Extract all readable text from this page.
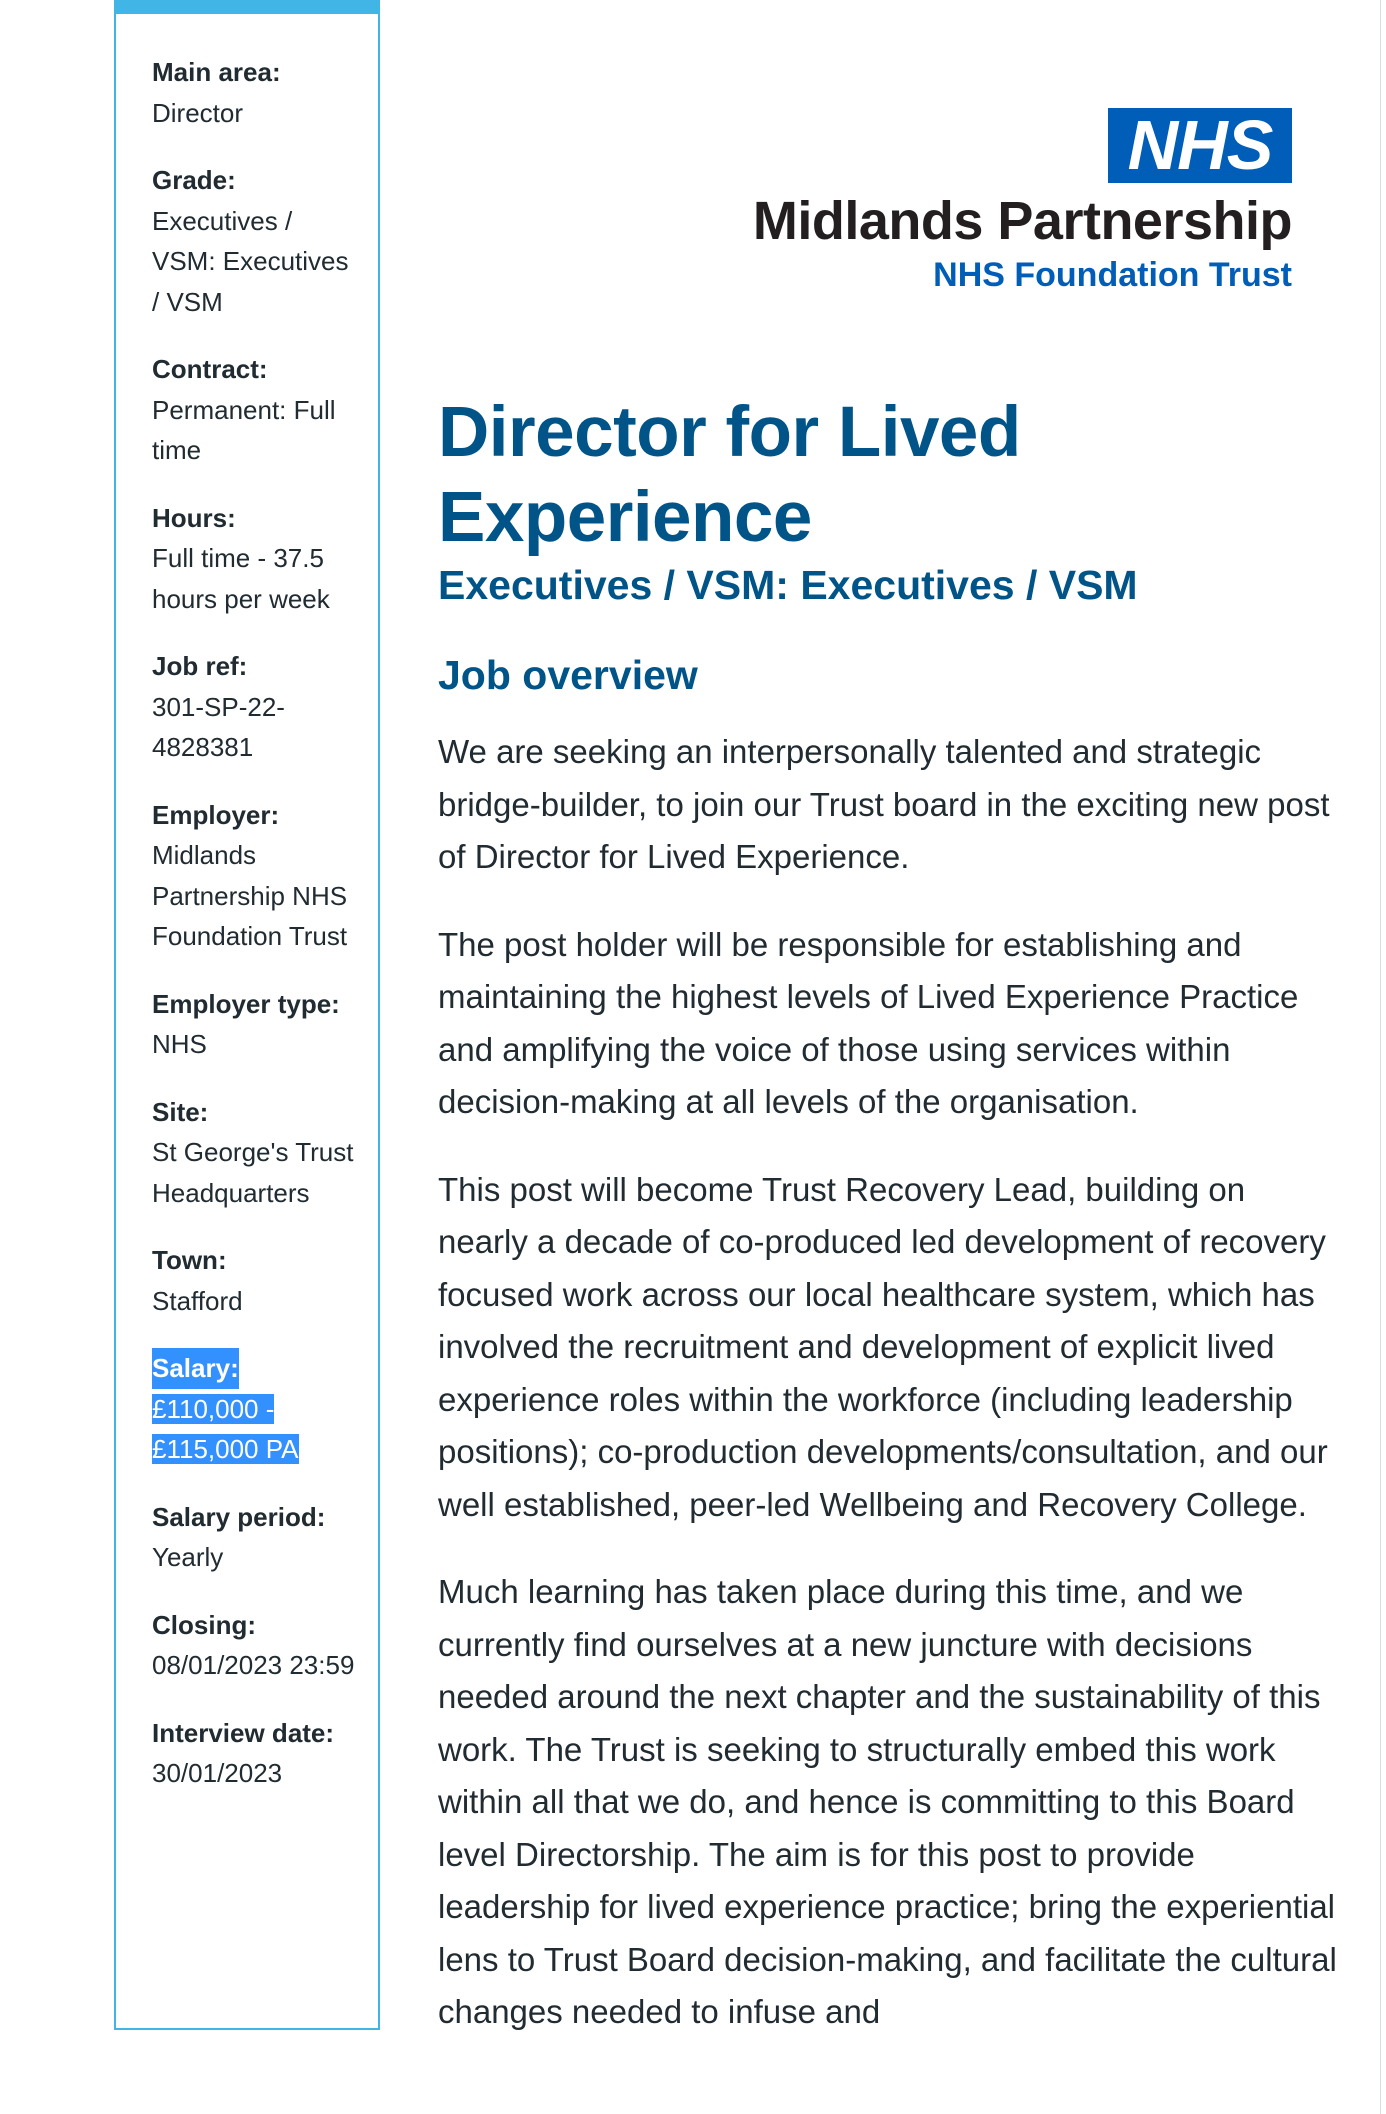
Main area:
Director
Grade:
Executives / VSM: Executives / VSM
Contract:
Permanent: Full time
Hours:
Full time - 37.5 hours per week
Job ref:
301-SP-22-4828381
Employer:
Midlands Partnership NHS Foundation Trust
Employer type:
NHS
Site:
St George's Trust Headquarters
Town:
Stafford
Salary:
£110,000 - £115,000 PA
Salary period:
Yearly
Closing:
08/01/2023 23:59
Interview date:
30/01/2023
NHS
Midlands Partnership
NHS Foundation Trust
Director for Lived Experience
Executives / VSM: Executives / VSM
Job overview

We are seeking an interpersonally talented and strategic bridge-builder, to join our Trust board in the exciting new post of Director for Lived Experience.

The post holder will be responsible for establishing and maintaining the highest levels of Lived Experience Practice and amplifying the voice of those using services within decision-making at all levels of the organisation.

This post will become Trust Recovery Lead, building on nearly a decade of co-produced led development of recovery focused work across our local healthcare system, which has involved the recruitment and development of explicit lived experience roles within the workforce (including leadership positions); co-production developments/consultation, and our well established, peer-led Wellbeing and Recovery College.

Much learning has taken place during this time, and we currently find ourselves at a new juncture with decisions needed around the next chapter and the sustainability of this work. The Trust is seeking to structurally embed this work within all that we do, and hence is committing to this Board level Directorship. The aim is for this post to provide leadership for lived experience practice; bring the experiential lens to Trust Board decision-making, and facilitate the cultural changes needed to infuse and
